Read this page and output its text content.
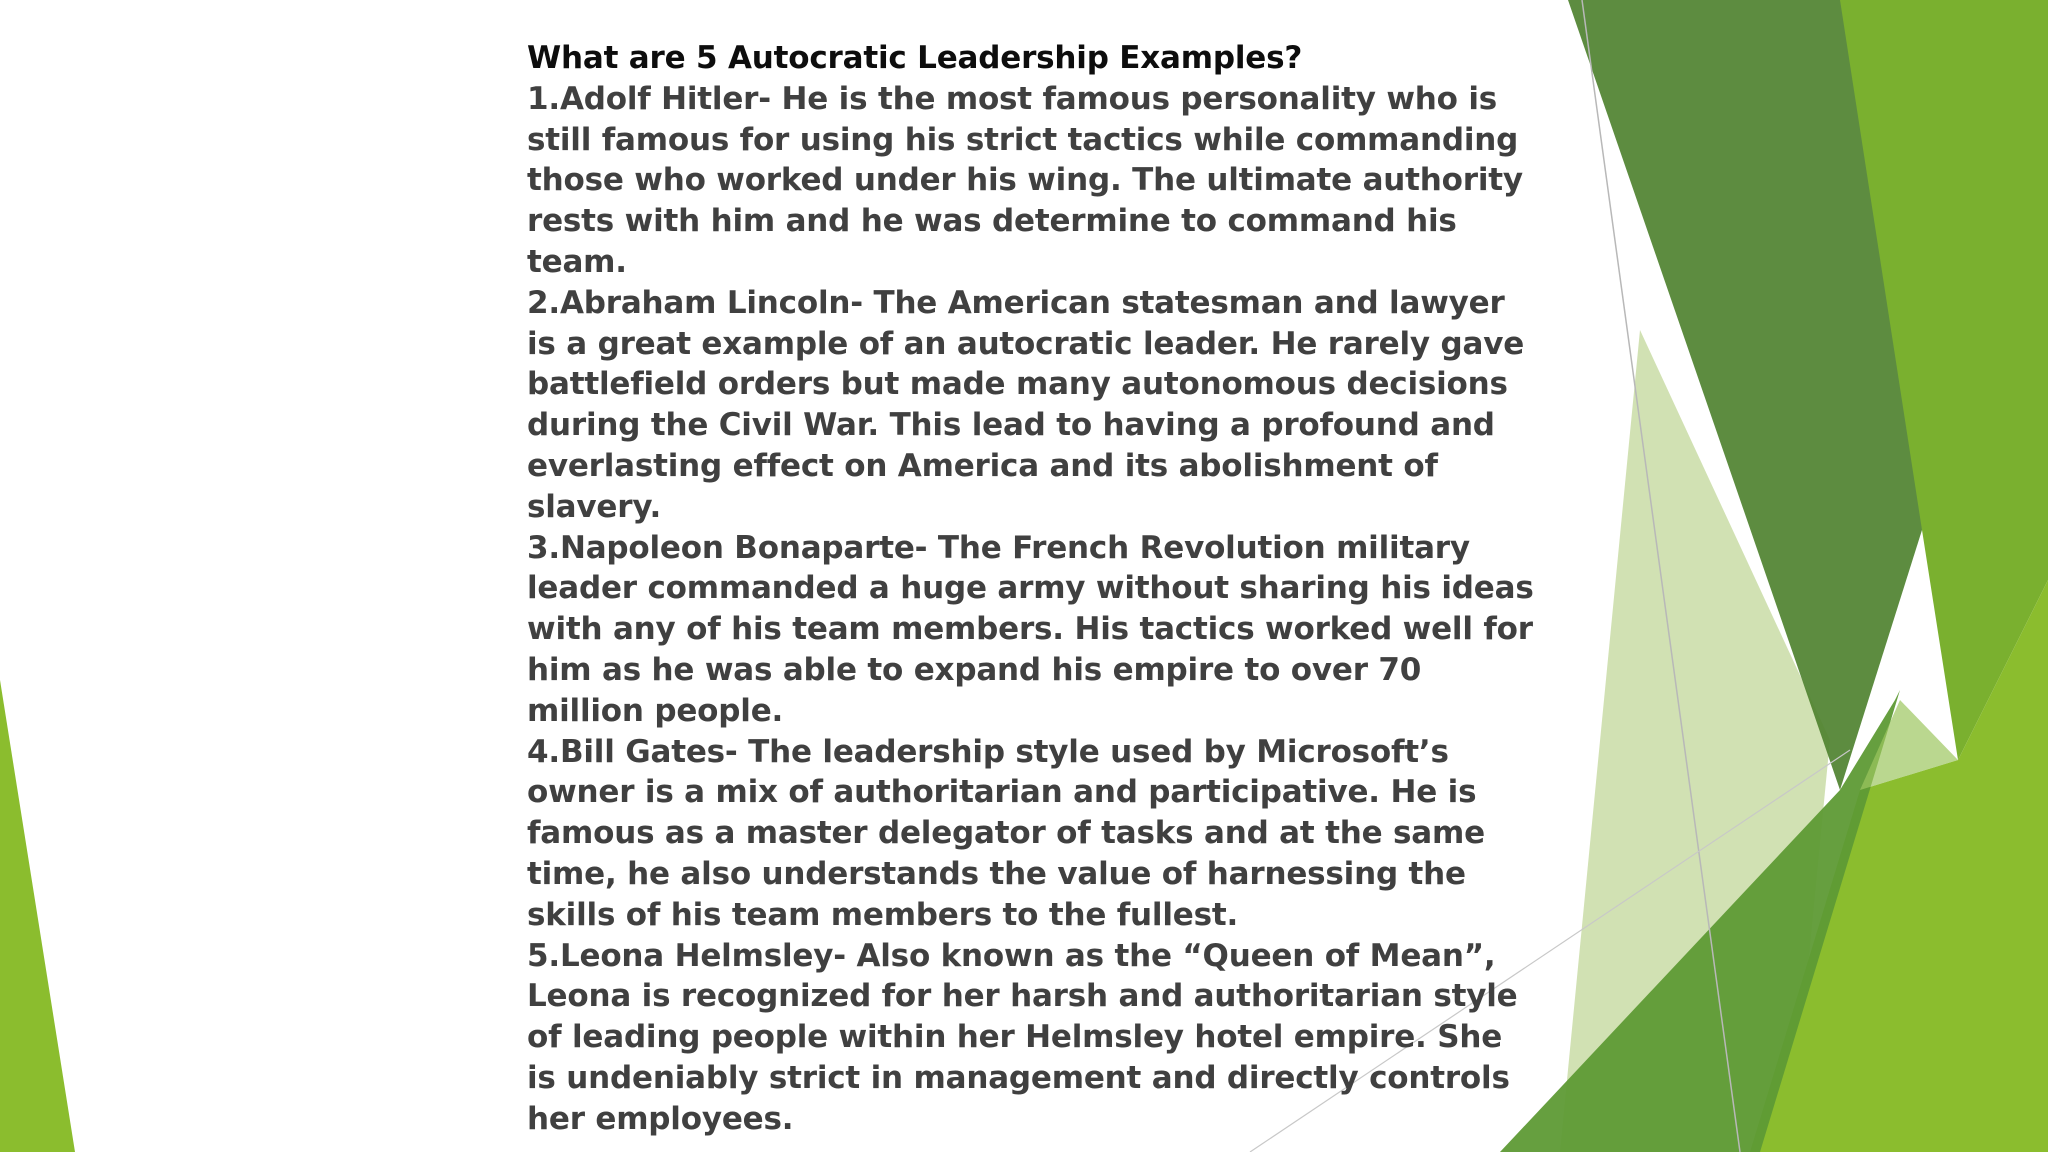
What are 5 Autocratic Leadership Examples?

1.Adolf Hitler- He is the most famous personality who is still famous for using his strict tactics while commanding those who worked under his wing. The ultimate authority rests with him and he was determine to command his team.

2.Abraham Lincoln- The American statesman and lawyer is a great example of an autocratic leader. He rarely gave battlefield orders but made many autonomous decisions during the Civil War. This lead to having a profound and everlasting effect on America and its abolishment of slavery.

3.Napoleon Bonaparte- The French Revolution military leader commanded a huge army without sharing his ideas with any of his team members. His tactics worked well for him as he was able to expand his empire to over 70 million people.

4.Bill Gates- The leadership style used by Microsoft’s owner is a mix of authoritarian and participative. He is famous as a master delegator of tasks and at the same time, he also understands the value of harnessing the skills of his team members to the fullest.

5.Leona Helmsley- Also known as the “Queen of Mean”, Leona is recognized for her harsh and authoritarian style of leading people within her Helmsley hotel empire. She is undeniably strict in management and directly controls her employees.
